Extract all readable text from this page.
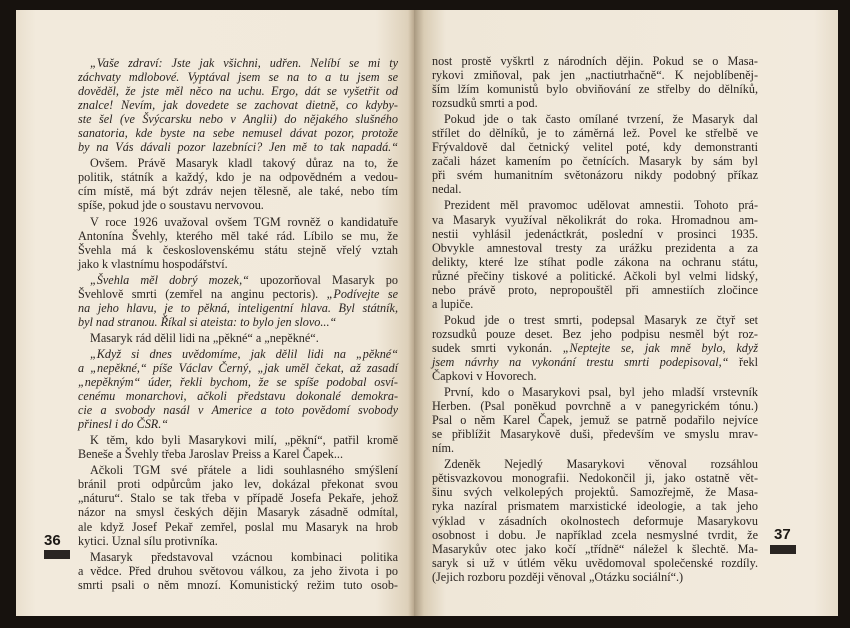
„Vaše zdraví: Jste jak všichni, udřen. Nelíbí se mi ty
záchvaty mdlobové. Vyptával jsem se na to a tu jsem se
dověděl, že jste měl něco na uchu. Ergo, dát se vyšetřit od
znalce! Nevím, jak dovedete se zachovat dietně, co kdyby-
ste šel (ve Švýcarsku nebo v Anglii) do nějakého slušného
sanatoria, kde byste na sebe nemusel dávat pozor, protože
by na Vás dávali pozor lazebníci? Jen mě to tak napadá.“
Ovšem. Právě Masaryk kladl takový důraz na to, že
politik, státník a každý, kdo je na odpovědném a vedou-
cím místě, má být zdráv nejen tělesně, ale také, nebo tím
spíše, pokud jde o soustavu nervovou.
V roce 1926 uvažoval ovšem TGM rovněž o kandidatuře
Antonína Švehly, kterého měl také rád. Líbilo se mu, že
Švehla má k československému státu stejně vřelý vztah
jako k vlastnímu hospodářství.
„Švehla měl dobrý mozek,“ upozorňoval Masaryk po
Švehlově smrti (zemřel na anginu pectoris). „Podívejte se
na jeho hlavu, je to pěkná, inteligentní hlava. Byl státník,
byl nad stranou. Říkal si ateista: to bylo jen slovo...“
Masaryk rád dělil lidi na „pěkné“ a „nepěkné“.
„Když si dnes uvědomíme, jak dělil lidi na „pěkné“
a „nepěkné,“ píše Václav Černý, „jak uměl čekat, až zasadí
„nepěkným“ úder, řekli bychom, že se spíše podobal osví-
cenému monarchovi, ačkoli představu dokonalé demokra-
cie a svobody nasál v Americe a toto povědomí svobody
přinesl i do ČSR.“
K těm, kdo byli Masarykovi milí, „pěkní“, patřil kromě
Beneše a Švehly třeba Jaroslav Preiss a Karel Čapek...
Ačkoli TGM své přátele a lidi souhlasného smýšlení
bránil proti odpůrcům jako lev, dokázal překonat svou
„náturu“. Stalo se tak třeba v případě Josefa Pekaře, jehož
názor na smysl českých dějin Masaryk zásadně odmítal,
ale když Josef Pekař zemřel, poslal mu Masaryk na hrob
kytici. Uznal sílu protivníka.
Masaryk představoval vzácnou kombinaci politika
a vědce. Před druhou světovou válkou, za jeho života i po
smrti psali o něm mnozí. Komunistický režim tuto osob-
36
nost prostě vyškrtl z národních dějin. Pokud se o Masa-
rykovi zmiňoval, pak jen „nactiutrhačně“. K nejoblíbeněj-
ším lžím komunistů bylo obviňování ze střelby do dělníků,
rozsudků smrti a pod.
Pokud jde o tak často omílané tvrzení, že Masaryk dal
střílet do dělníků, je to záměrná lež. Povel ke střelbě ve
Frývaldově dal četnický velitel poté, kdy demonstranti
začali házet kamením po četnících. Masaryk by sám byl
při svém humanitním světonázoru nikdy podobný příkaz
nedal.
Prezident měl pravomoc udělovat amnestii. Tohoto prá-
va Masaryk využíval několikrát do roka. Hromadnou am-
nestii vyhlásil jedenáctkrát, poslední v prosinci 1935.
Obvykle amnestoval tresty za urážku prezidenta a za
delikty, které lze stíhat podle zákona na ochranu státu,
různé přečiny tiskové a politické. Ačkoli byl velmi lidský,
nebo právě proto, nepropouštěl při amnestiích zločince
a lupiče.
Pokud jde o trest smrti, podepsal Masaryk ze čtyř set
rozsudků pouze deset. Bez jeho podpisu nesměl být roz-
sudek smrti vykonán. „Neptejte se, jak mně bylo, když
jsem návrhy na vykonání trestu smrti podepisoval,“ řekl
Čapkovi v Hovorech.
První, kdo o Masarykovi psal, byl jeho mladší vrstevník
Herben. (Psal poněkud povrchně a v panegyrickém tónu.)
Psal o něm Karel Čapek, jemuž se patrně podařilo nejvíce
se přiblížit Masarykově duši, především ve smyslu mrav-
ním.
Zdeněk Nejedlý Masarykovi věnoval rozsáhlou
pětisvazkovou monografii. Nedokončil ji, jako ostatně vět-
šinu svých velkolepých projektů. Samozřejmě, že Masa-
ryka nazíral prismatem marxistické ideologie, a tak jeho
výklad v zásadních okolnostech deformuje Masarykovu
osobnost i dobu. Je například zcela nesmyslné tvrdit, že
Masarykův otec jako kočí „třídně“ náležel k šlechtě. Ma-
saryk si už v útlém věku uvědomoval společenské rozdíly.
(Jejich rozboru později věnoval „Otázku sociální“.)
37
